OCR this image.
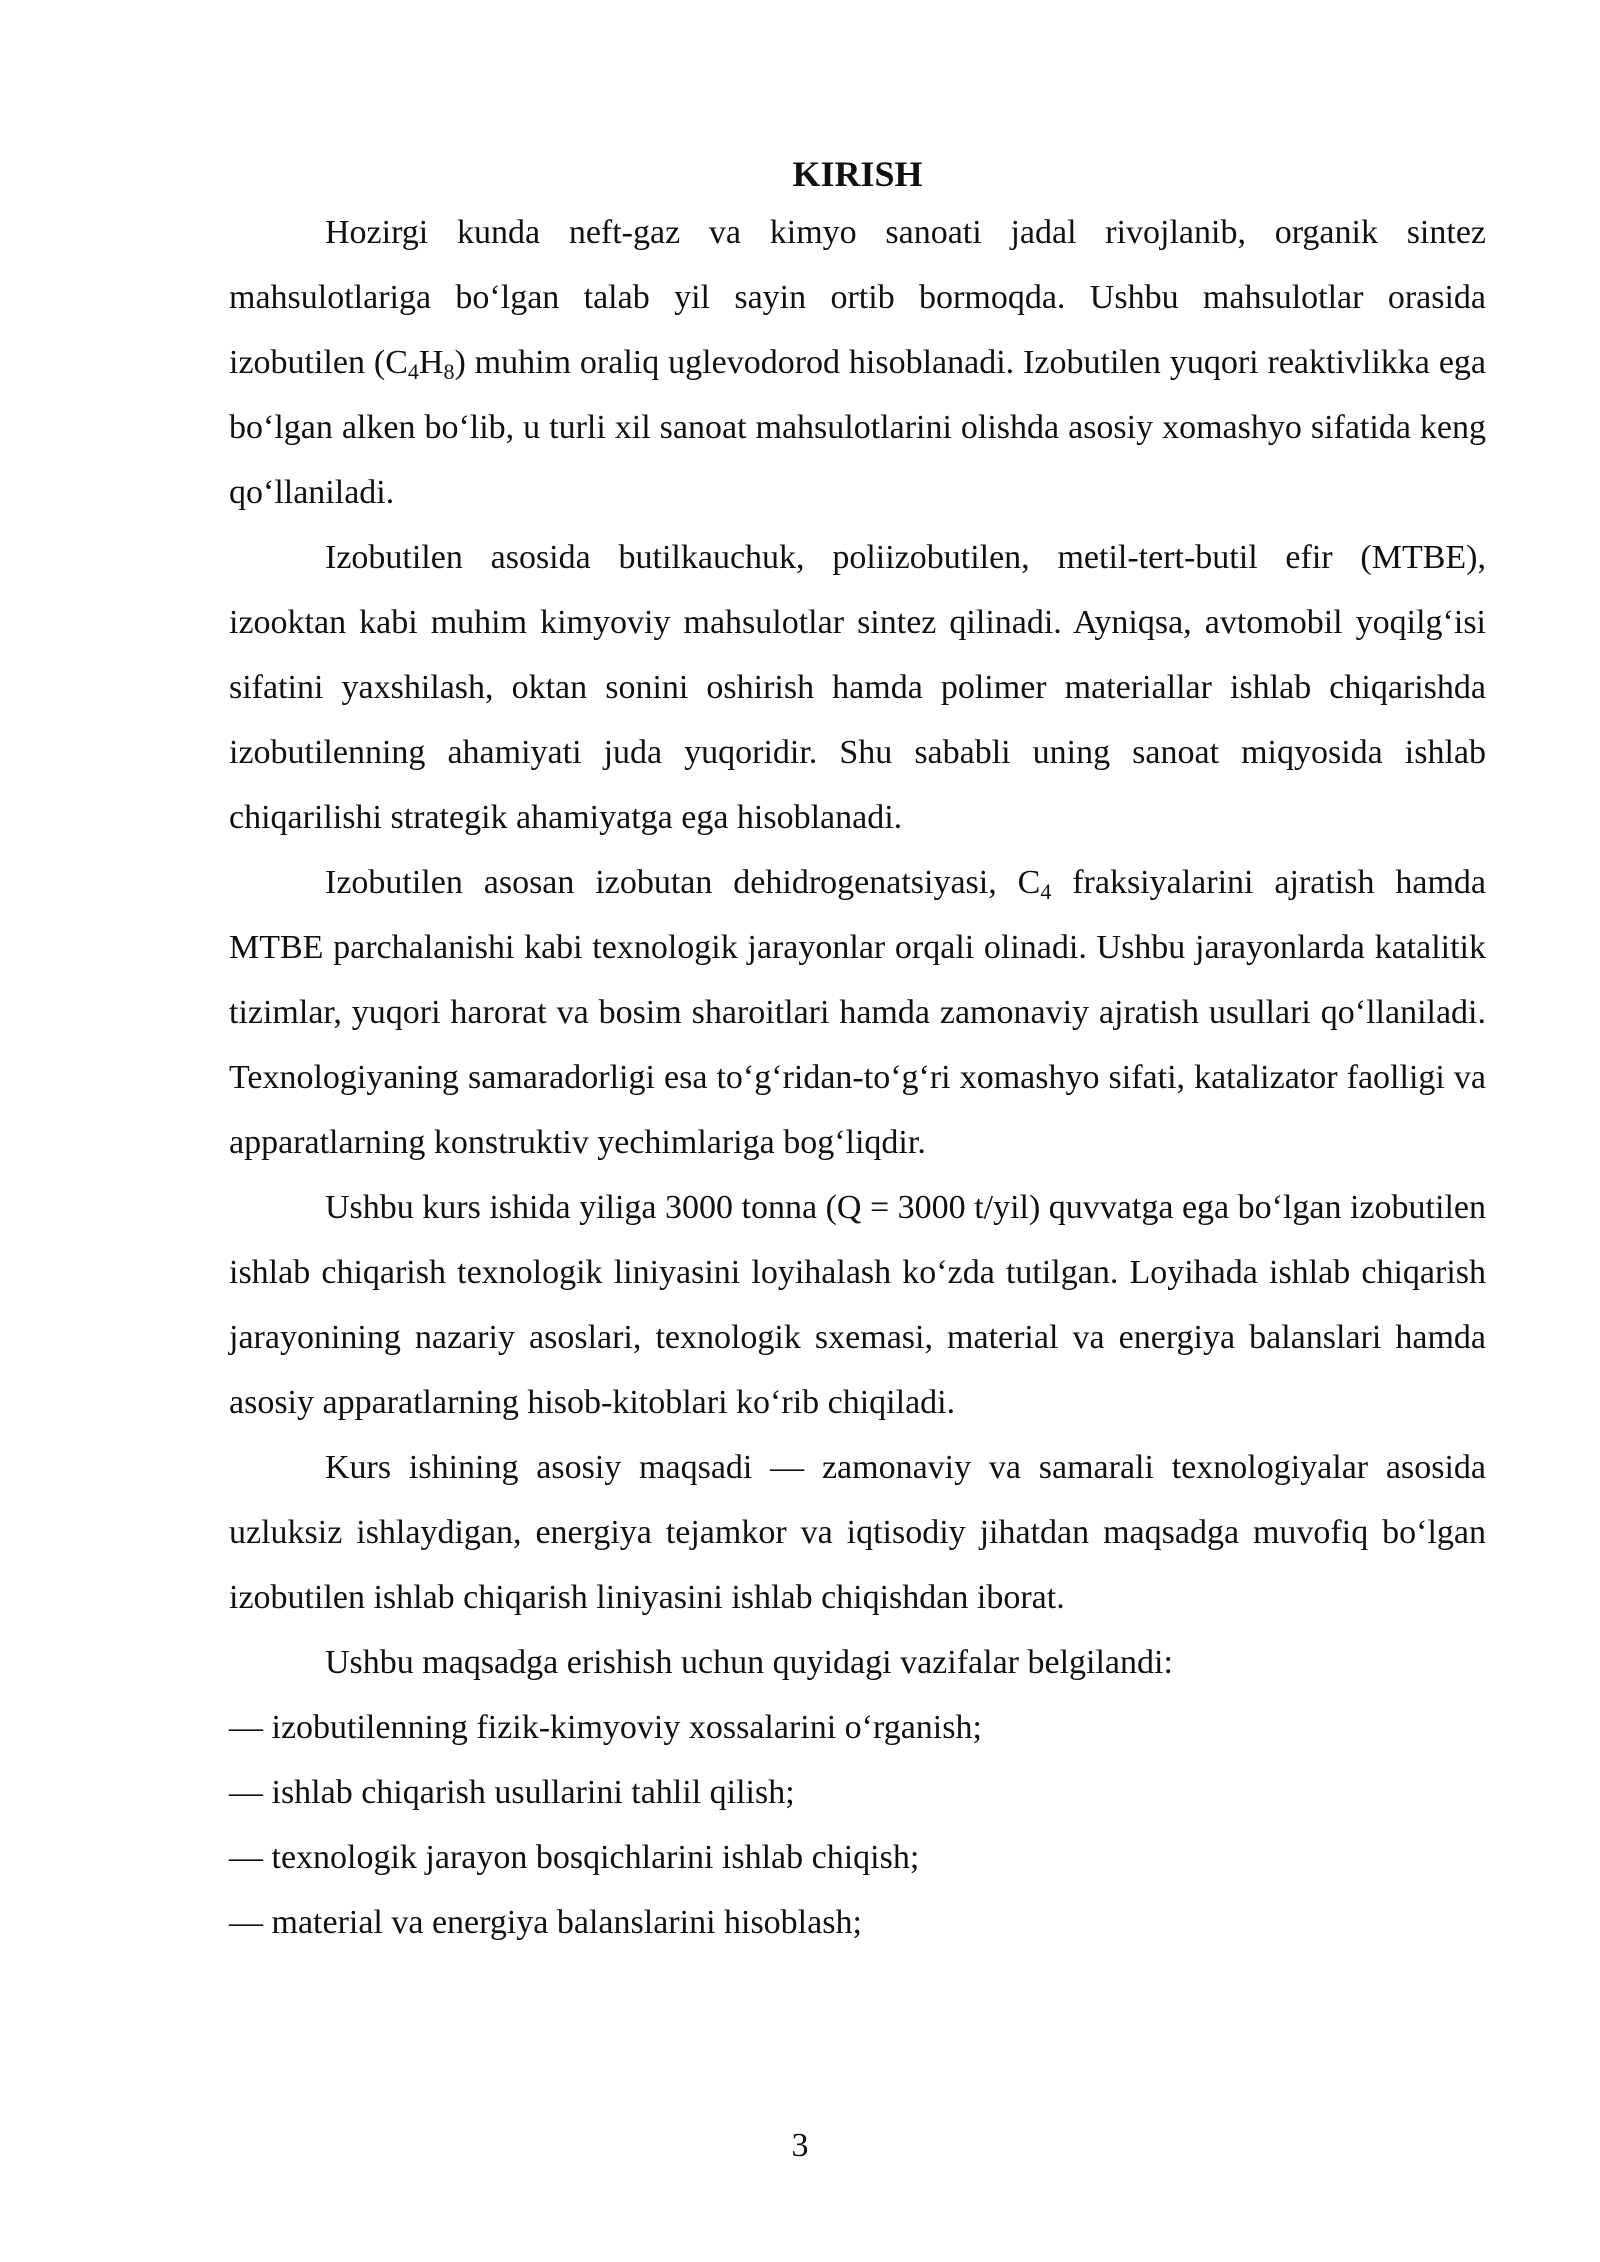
KIRISH

Hozirgi kunda neft-gaz va kimyo sanoati jadal rivojlanib, organik sintez mahsulotlariga bo‘lgan talab yil sayin ortib bormoqda. Ushbu mahsulotlar orasida izobutilen $(C_4H_8)$ muhim oraliq uglevodorod hisoblanadi. Izobutilen yuqori reaktivlikka ega bo‘lgan alken bo‘lib, u turli xil sanoat mahsulotlarini olishda asosiy xomashyo sifatida keng qo‘llaniladi.

Izobutilen asosida butilkauchuk, poliizobutilen, metil-tert-butil efir (MTBE), izooktan kabi muhim kimyoviy mahsulotlar sintez qilinadi. Ayniqsa, avtomobil yoqilg‘isi sifatini yaxshilash, oktan sonini oshirish hamda polimer materiallar ishlab chiqarishda izobutilenning ahamiyati juda yuqoridir. Shu sababli uning sanoat miqyosida ishlab chiqarilishi strategik ahamiyatga ega hisoblanadi.

Izobutilen asosan izobutan dehidrogenatsiyasi, $C_4$ fraksiyalarini ajratish hamda MTBE parchalanishi kabi texnologik jarayonlar orqali olinadi. Ushbu jarayonlarda katalitik tizimlar, yuqori harorat va bosim sharoitlari hamda zamonaviy ajratish usullari qo‘llaniladi. Texnologiyaning samaradorligi esa to‘g‘ridan-to‘g‘ri xomashyo sifati, katalizator faolligi va apparatlarning konstruktiv yechimlariga bog‘liqdir.

Ushbu kurs ishida yiliga 3000 tonna (Q = 3000 t/yil) quvvatga ega bo‘lgan izobutilen ishlab chiqarish texnologik liniyasini loyihalash ko‘zda tutilgan. Loyihada ishlab chiqarish jarayonining nazariy asoslari, texnologik sxemasi, material va energiya balanslari hamda asosiy apparatlarning hisob-kitoblari ko‘rib chiqiladi.

Kurs ishining asosiy maqsadi — zamonaviy va samarali texnologiyalar asosida uzluksiz ishlaydigan, energiya tejamkor va iqtisodiy jihatdan maqsadga muvofiq bo‘lgan izobutilen ishlab chiqarish liniyasini ishlab chiqishdan iborat.

Ushbu maqsadga erishish uchun quyidagi vazifalar belgilandi:

— izobutilenning fizik-kimyoviy xossalarini o‘rganish;
— ishlab chiqarish usullarini tahlil qilish;
— texnologik jarayon bosqichlarini ishlab chiqish;
— material va energiya balanslarini hisoblash;
3
